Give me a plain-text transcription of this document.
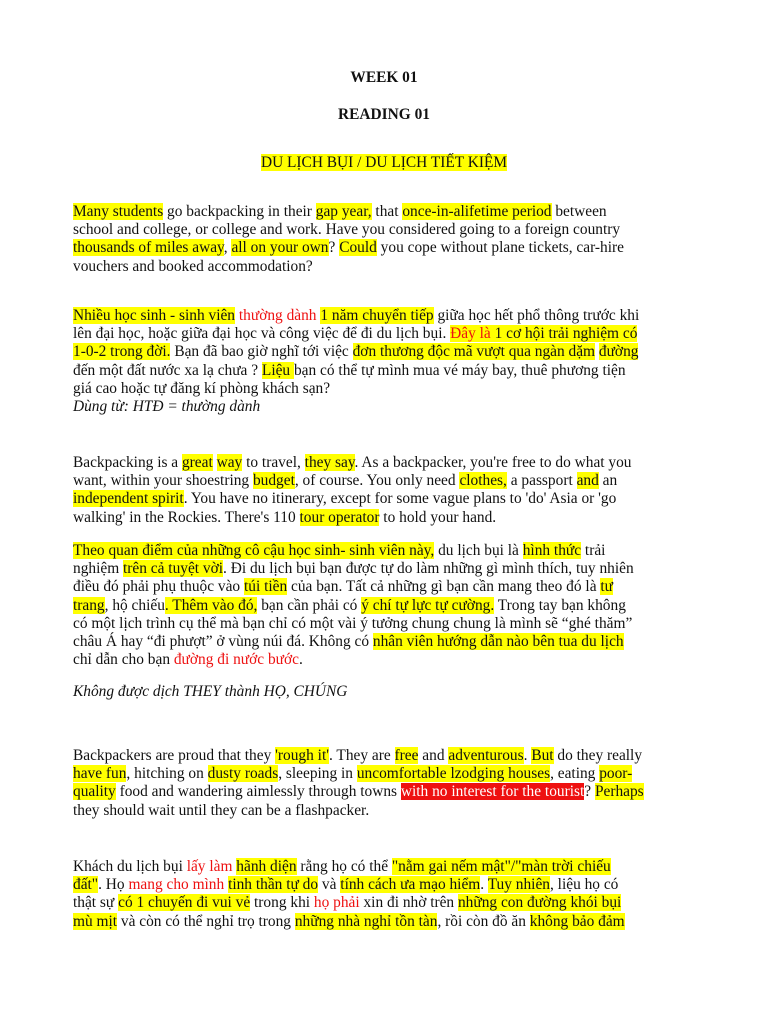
WEEK 01
READING 01
DU LỊCH BỤI / DU LỊCH TIẾT KIỆM
Many students go backpacking in their gap year, that once-in-alifetime period between
school and college, or college and work. Have you considered going to a foreign country
thousands of miles away, all on your own? Could you cope without plane tickets, car-hire
vouchers and booked accommodation?
Nhiều học sinh - sinh viên thường dành 1 năm chuyển tiếp giữa học hết phổ thông trước khi
lên đại học, hoặc giữa đại học và công việc để đi du lịch bụi. Đây là 1 cơ hội trải nghiệm có
1-0-2 trong đời. Bạn đã bao giờ nghĩ tới việc đơn thương độc mã vượt qua ngàn dặm đường
đến một đất nước xa lạ chưa ? Liệu bạn có thể tự mình mua vé máy bay, thuê phương tiện
giá cao hoặc tự đăng kí phòng khách sạn?
Dùng từ: HTĐ = thường dành
Backpacking is a great way to travel, they say. As a backpacker, you're free to do what you
want, within your shoestring budget, of course. You only need clothes, a passport and an
independent spirit. You have no itinerary, except for some vague plans to 'do' Asia or 'go
walking' in the Rockies. There's 110 tour operator to hold your hand.
Theo quan điểm của những cô cậu học sinh- sinh viên này, du lịch bụi là hình thức trải
nghiệm trên cả tuyệt vời. Đi du lịch bụi bạn được tự do làm những gì mình thích, tuy nhiên
điều đó phải phụ thuộc vào túi tiền của bạn. Tất cả những gì bạn cần mang theo đó là tư
trang, hộ chiếu. Thêm vào đó, bạn cần phải có ý chí tự lực tự cường. Trong tay bạn không
có một lịch trình cụ thể mà bạn chỉ có một vài ý tưởng chung chung là mình sẽ “ghé thăm”
châu Á hay “đi phượt” ở vùng núi đá. Không có nhân viên hướng dẫn nào bên tua du lịch
chỉ dẫn cho bạn đường đi nước bước.
Không được dịch THEY thành HỌ, CHÚNG
Backpackers are proud that they 'rough it'. They are free and adventurous. But do they really
have fun, hitching on dusty roads, sleeping in uncomfortable lzodging houses, eating poor-
quality food and wandering aimlessly through towns with no interest for the tourist? Perhaps
they should wait until they can be a flashpacker.
Khách du lịch bụi lấy làm hãnh diện rằng họ có thể "nằm gai nếm mật"/"màn trời chiếu
đất". Họ mang cho mình tinh thần tự do và tính cách ưa mạo hiểm. Tuy nhiên, liệu họ có
thật sự có 1 chuyến đi vui vẻ trong khi họ phải xin đi nhờ trên những con đường khói bụi
mù mịt và còn có thể nghỉ trọ trong những nhà nghỉ tồn tàn, rồi còn đồ ăn không bảo đảm
